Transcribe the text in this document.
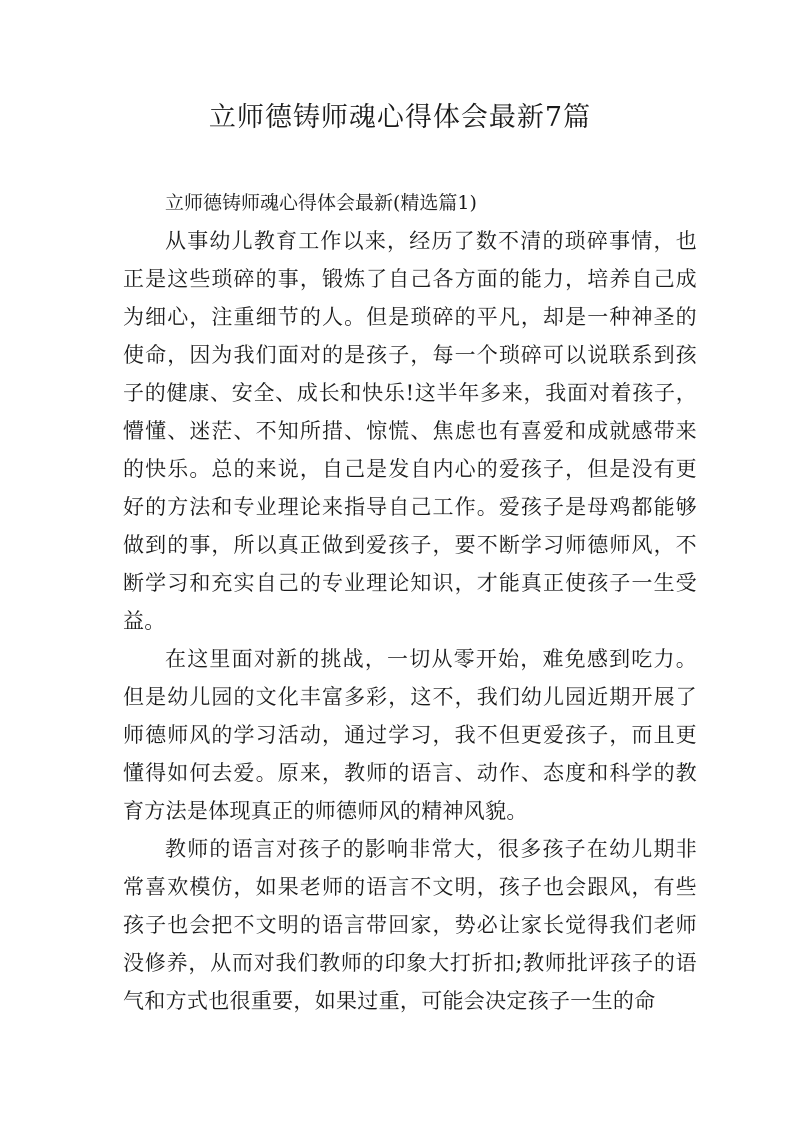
立师德铸师魂心得体会最新7篇

立师德铸师魂心得体会最新(精选篇1)

从事幼儿教育工作以来，经历了数不清的琐碎事情，也正是这些琐碎的事，锻炼了自己各方面的能力，培养自己成为细心，注重细节的人。但是琐碎的平凡，却是一种神圣的使命，因为我们面对的是孩子，每一个琐碎可以说联系到孩子的健康、安全、成长和快乐!这半年多来，我面对着孩子，懵懂、迷茫、不知所措、惊慌、焦虑也有喜爱和成就感带来的快乐。总的来说，自己是发自内心的爱孩子，但是没有更好的方法和专业理论来指导自己工作。爱孩子是母鸡都能够做到的事，所以真正做到爱孩子，要不断学习师德师风，不断学习和充实自己的专业理论知识，才能真正使孩子一生受益。

在这里面对新的挑战，一切从零开始，难免感到吃力。但是幼儿园的文化丰富多彩，这不，我们幼儿园近期开展了师德师风的学习活动，通过学习，我不但更爱孩子，而且更懂得如何去爱。原来，教师的语言、动作、态度和科学的教育方法是体现真正的师德师风的精神风貌。

教师的语言对孩子的影响非常大，很多孩子在幼儿期非常喜欢模仿，如果老师的语言不文明，孩子也会跟风，有些孩子也会把不文明的语言带回家，势必让家长觉得我们老师没修养，从而对我们教师的印象大打折扣;教师批评孩子的语气和方式也很重要，如果过重，可能会决定孩子一生的命
